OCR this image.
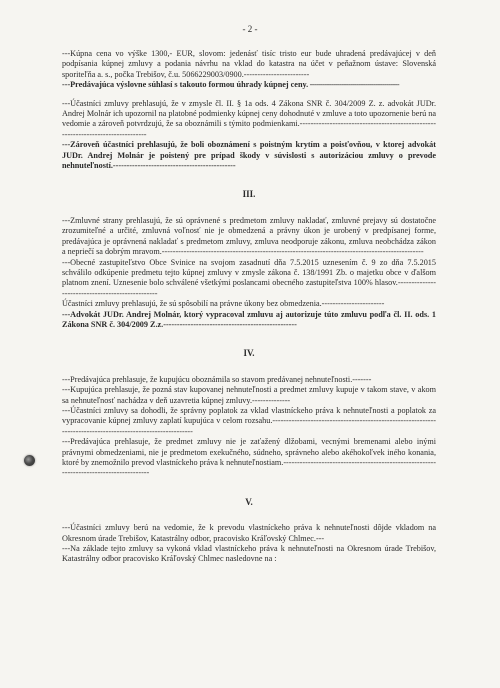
- 2 -

---Kúpna cena vo výške 1300,- EUR, slovom: jedenásť tisíc tristo eur bude uhradená predávajúcej v deň podpísania kúpnej zmluvy a podania návrhu na vklad do katastra na účet v peňažnom ústave: Slovenská sporiteľňa a. s., počka Trebišov, č.u. 5066229003/0900.------------------------

---Predávajúca výslovne súhlasí s takouto formou úhrady kúpnej ceny. -----

---Účastníci zmluvy prehlasujú, že v zmysle čl. II. § 1a ods. 4 Zákona SNR č. 304/2009 Z. z. advokát JUDr. Andrej Molnár ich upozornil na platobné podmienky kúpnej ceny dohodnuté v zmluve a toto upozornenie berú na vedomie a zároveň potvrdzujú, že sa oboznámili s týmito podmienkami.---------------------------------------------------------------------------------

---Zároveň účastníci prehlasujú, že boli oboznámení s poistným krytím a poisťovňou, v ktorej advokát JUDr. Andrej Molnár je poistený pre prípad škody v súvislosti s autorizáciou zmluvy o prevode nehnuteľností.---------------------------------------------

III.

---Zmluvné strany prehlasujú, že sú oprávnené s predmetom zmluvy nakladať, zmluvné prejavy sú dostatočne zrozumiteľné a určité, zmluvná voľnosť nie je obmedzená a právny úkon je urobený v predpísanej forme, predávajúca je oprávnená nakladať s predmetom zmluvy, zmluva neodporuje zákonu, zmluva neobchádza zákon a nepriečí sa dobrým mravom.------------------------------------------------------------------------------------------------

---Obecné zastupiteľstvo Obce Svinice na svojom zasadnutí dňa 7.5.2015 uznesením č. 9 zo dňa 7.5.2015 schválilo odkúpenie predmetu tejto kúpnej zmluvy v zmysle zákona č. 138/1991 Zb. o majetku obce v ďalšom platnom znení. Uznesenie bolo schválené všetkými poslancami obecného zastupiteľstva 100% hlasov.-------------------------------------------------

Účastníci zmluvy prehlasujú, že sú spôsobilí na právne úkony bez obmedzenia.-----------------------

---Advokát JUDr. Andrej Molnár, ktorý vypracoval zmluvu aj autorizuje túto zmluvu podľa čl. II. ods. 1 Zákona SNR č. 304/2009 Z.z.-------------------------------------------------

IV.

---Predávajúca prehlasuje, že kupujúcu oboznámila so stavom predávanej nehnuteľnosti.-------

---Kupujúca prehlasuje, že pozná stav kupovanej nehnuteľnosti a predmet zmluvy kupuje v takom stave, v akom sa nehnuteľnosť nachádza v deň uzavretia kúpnej zmluvy.--------------

---Účastníci zmluvy sa dohodli, že správny poplatok za vklad vlastníckeho práva k nehnuteľnosti a poplatok za vypracovanie kúpnej zmluvy zaplatí kupujúca v celom rozsahu.------------------------------------------------------------------------------------------------------------

---Predávajúca prehlasuje, že predmet zmluvy nie je zaťažený dlžobami, vecnými bremenami alebo inými právnymi obmedzeniami, nie je predmetom exekučného, súdneho, správneho alebo akéhokoľvek iného konania, ktoré by znemožnilo prevod vlastníckeho práva k nehnuteľnostiam.----------------------------------------------------------------------------------------

V.

---Účastníci zmluvy berú na vedomie, že k prevodu vlastníckeho práva k nehnuteľnosti dôjde vkladom na Okresnom úrade Trebišov, Katastrálny odbor, pracovisko Kráľovský Chlmec.---

---Na základe tejto zmluvy sa vykoná vklad vlastníckeho práva k nehnuteľnosti na Okresnom úrade Trebišov, Katastrálny odbor pracovisko Kráľovský Chlmec nasledovne na :
